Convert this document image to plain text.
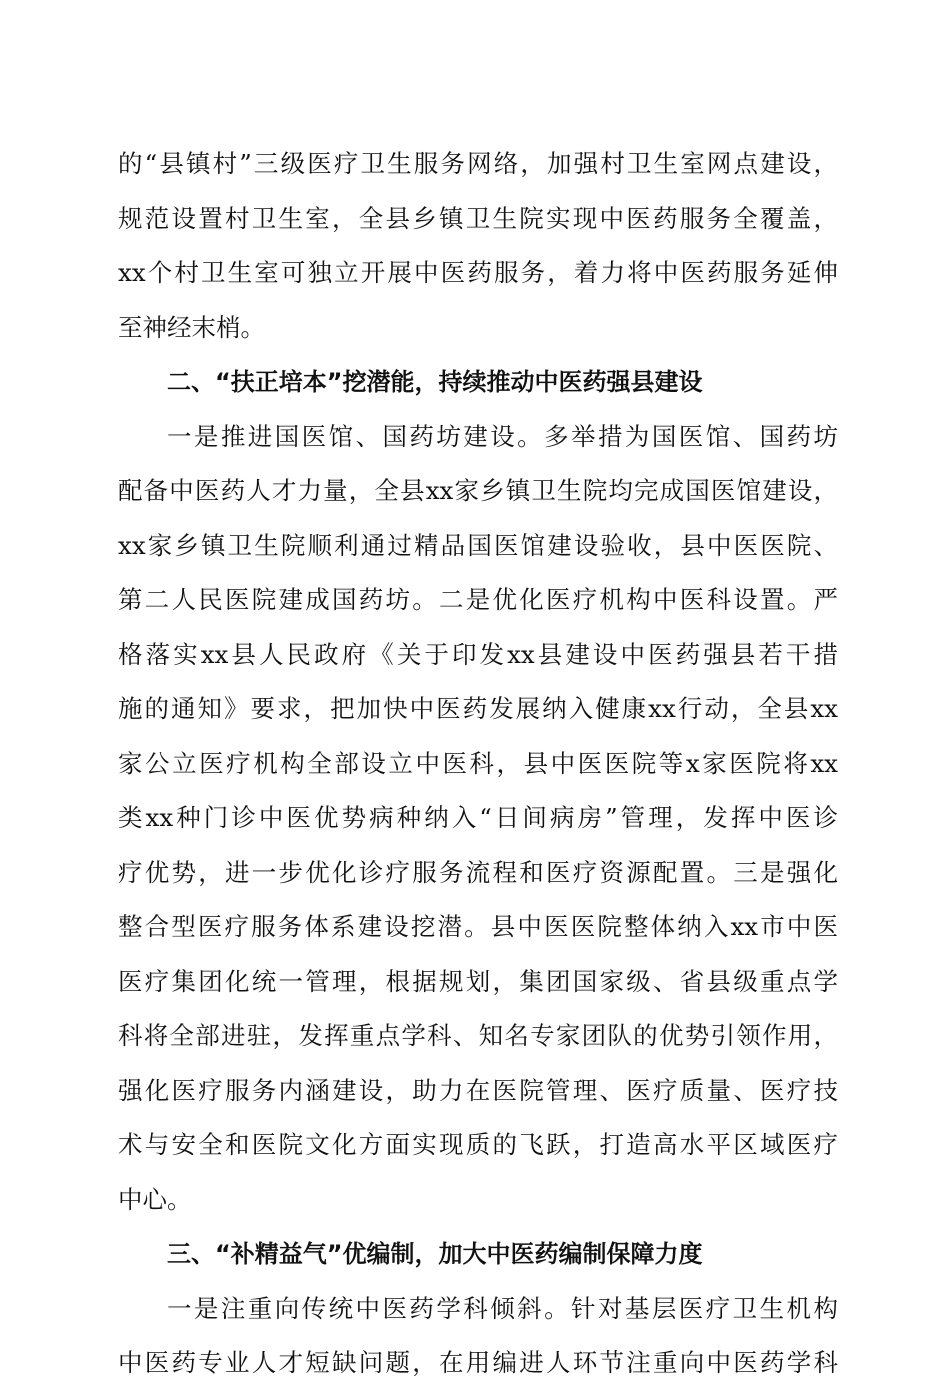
的“县镇村”三级医疗卫生服务网络，加强村卫生室网点建设，
规范设置村卫生室，全县乡镇卫生院实现中医药服务全覆盖，
xx个村卫生室可独立开展中医药服务，着力将中医药服务延伸
至神经末梢。
二、“扶正培本”挖潜能，持续推动中医药强县建设
一是推进国医馆、国药坊建设。多举措为国医馆、国药坊
配备中医药人才力量，全县xx家乡镇卫生院均完成国医馆建设，
xx家乡镇卫生院顺利通过精品国医馆建设验收，县中医医院、
第二人民医院建成国药坊。二是优化医疗机构中医科设置。严
格落实xx县人民政府《关于印发xx县建设中医药强县若干措
施的通知》要求，把加快中医药发展纳入健康xx行动，全县xx
家公立医疗机构全部设立中医科，县中医医院等x家医院将xx
类xx种门诊中医优势病种纳入“日间病房”管理，发挥中医诊
疗优势，进一步优化诊疗服务流程和医疗资源配置。三是强化
整合型医疗服务体系建设挖潜。县中医医院整体纳入xx市中医
医疗集团化统一管理，根据规划，集团国家级、省县级重点学
科将全部进驻，发挥重点学科、知名专家团队的优势引领作用，
强化医疗服务内涵建设，助力在医院管理、医疗质量、医疗技
术与安全和医院文化方面实现质的飞跃，打造高水平区域医疗
中心。
三、“补精益气”优编制，加大中医药编制保障力度
一是注重向传统中医药学科倾斜。针对基层医疗卫生机构
中医药专业人才短缺问题，在用编进人环节注重向中医药学科
